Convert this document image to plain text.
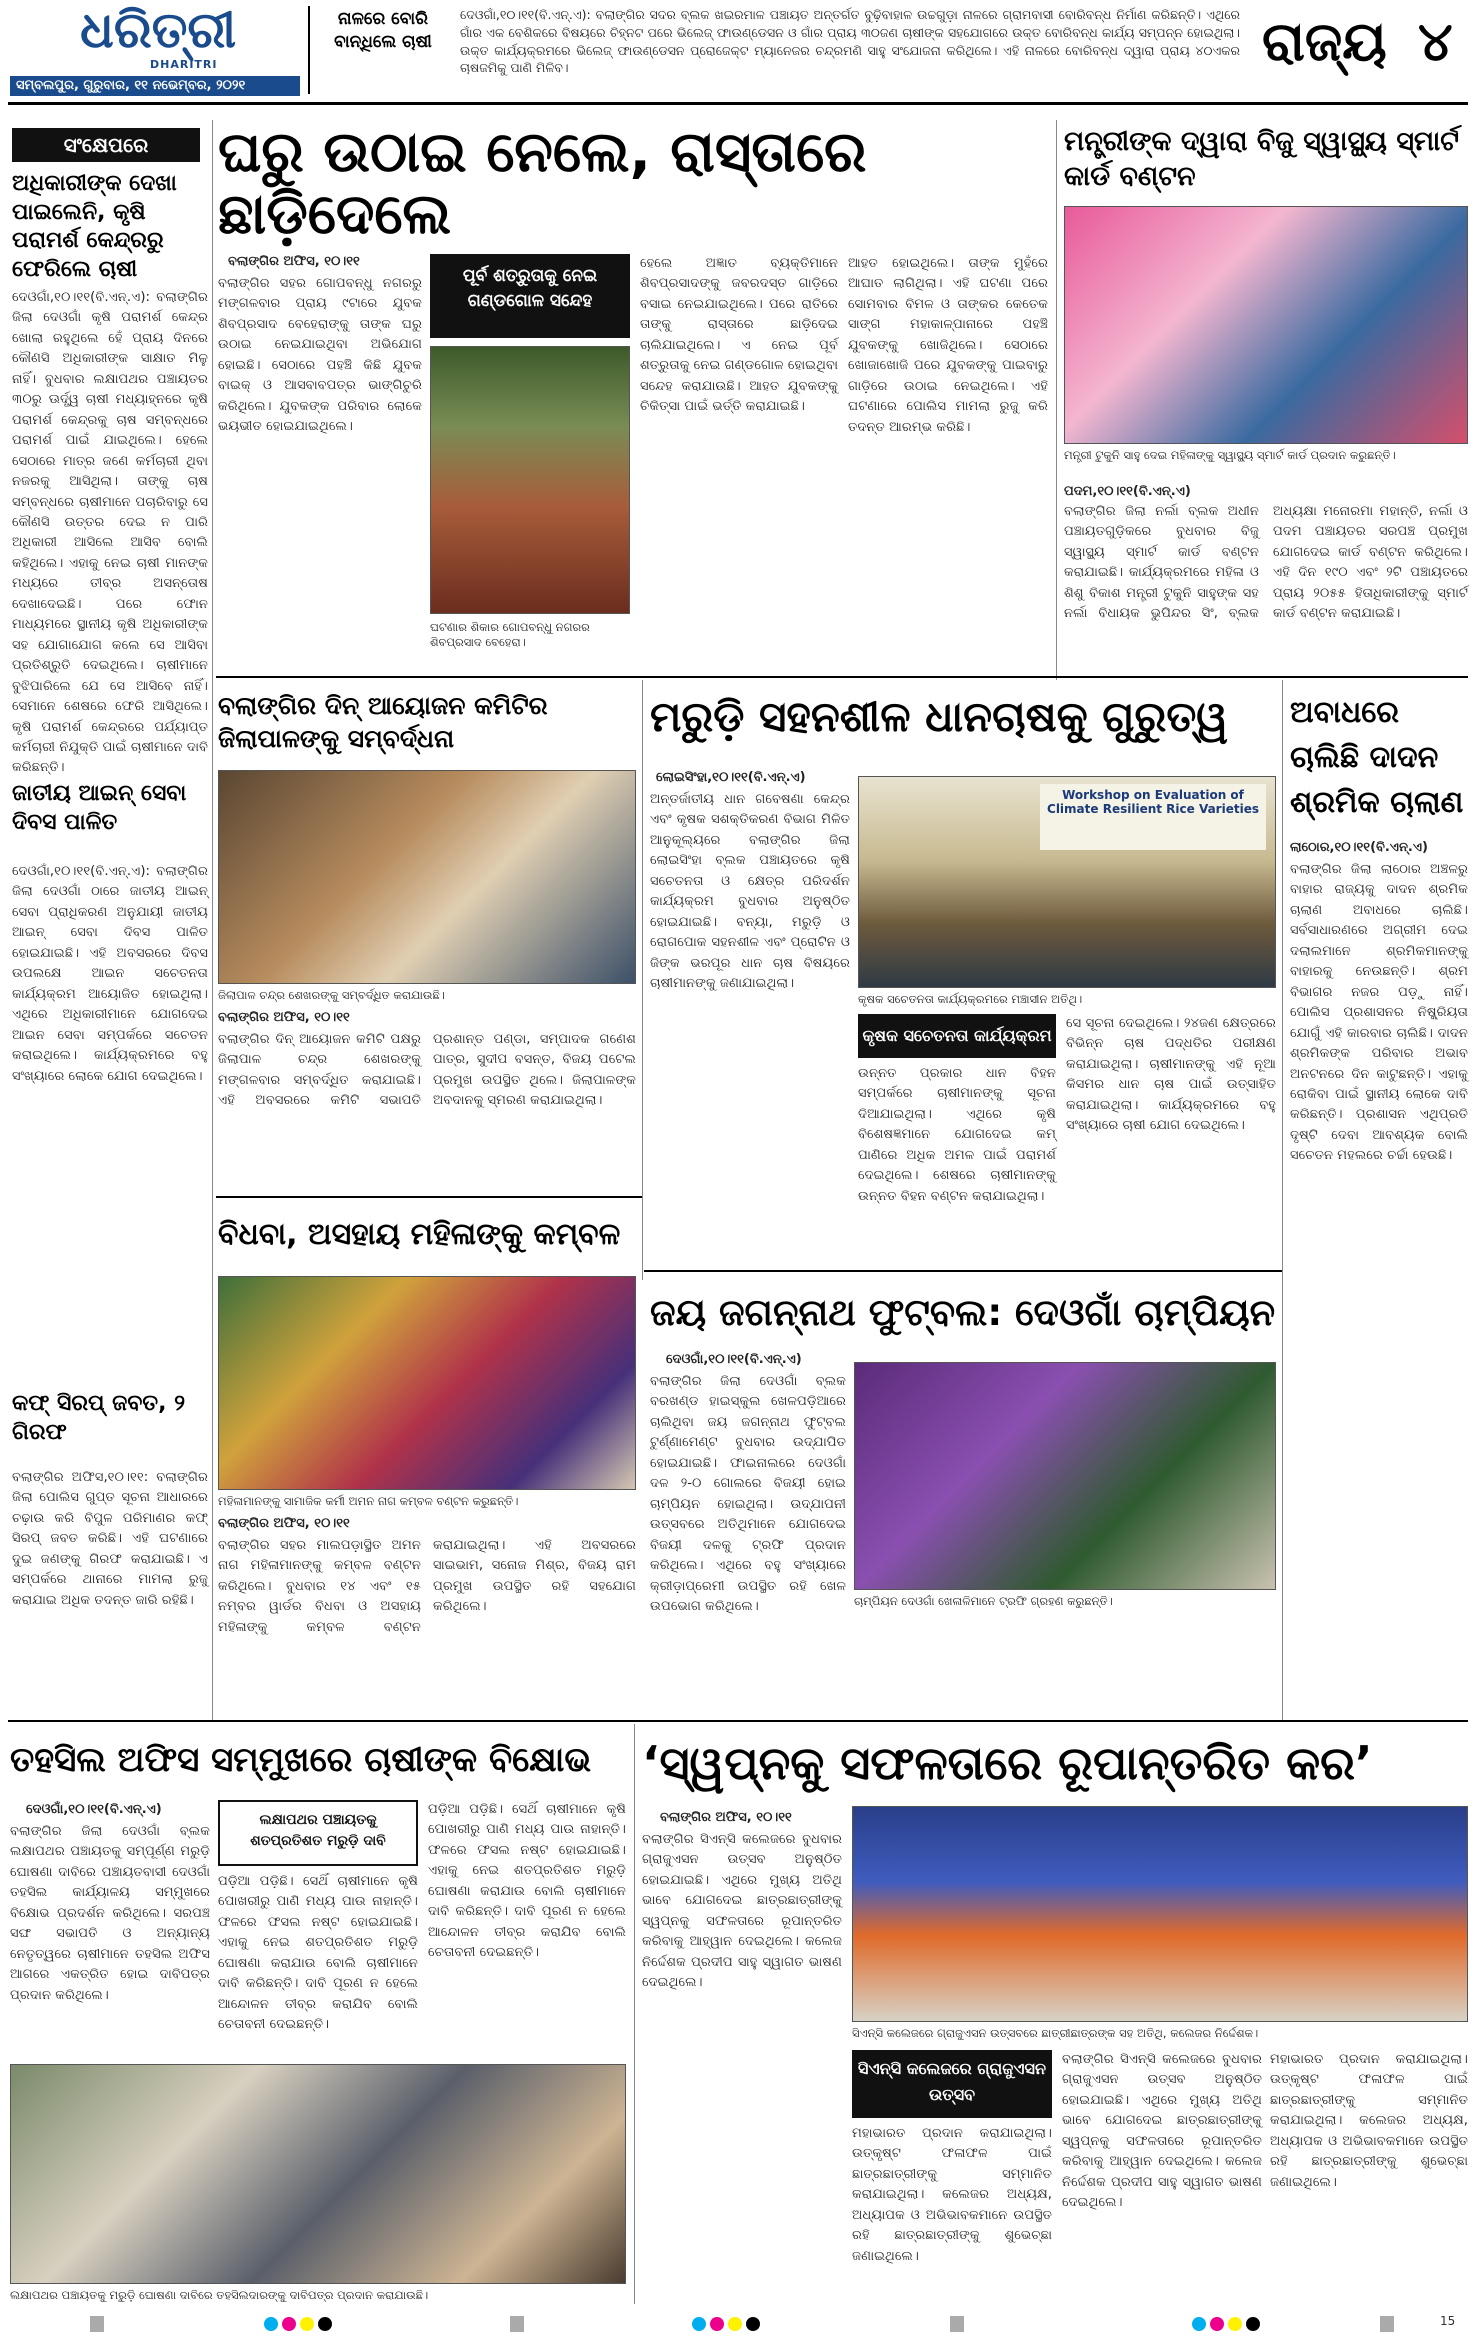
ଧରିତ୍ରୀ
DHARITRI
ସମ୍ବଲପୁର, ଗୁରୁବାର, ୧୧ ନଭେମ୍ବର, ୨୦୨୧
ନାଳରେ ବୋରି ବାନ୍ଧିଲେ ଚାଷୀ
ଦେଓଗାଁ,୧୦।୧୧(ବି.ଏନ୍.ଏ): ବଲାଙ୍ଗିର ସଦର ବ୍ଲକ ଖଇରମାଳ ପଞ୍ଚାୟତ ଅନ୍ତର୍ଗତ ବୁଢ଼ିବାହାଳ ଉଚ୍ଚଗୁଡ଼ା ନାଳରେ ଗ୍ରାମବାସୀ ବୋରିବନ୍ଧ ନିର୍ମାଣ କରିଛନ୍ତି। ଏଥିରେ ଗାଁର ଏକ ବେଶିକରେ ବିଷୟରେ ଚିହ୍ନଟ ପରେ ଭିଲେଜ୍ ଫାଉଣ୍ଡେସନ ଓ ଗାଁର ପ୍ରାୟ ୩୦ଜଣ ଚାଷୀଙ୍କ ସହଯୋଗରେ ଉକ୍ତ ବୋରିବନ୍ଧ କାର୍ଯ୍ୟ ସମ୍ପନ୍ନ ହୋଇଥିଲା। ଉକ୍ତ କାର୍ଯ୍ୟକ୍ରମରେ ଭିଲେଜ୍ ଫାଉଣ୍ଡେସନ ପ୍ରୋଜେକ୍ଟ ମ୍ୟାନେଜର ଚନ୍ଦ୍ରମଣି ସାହୁ ସଂଯୋଜନା କରିଥିଲେ। ଏହି ନାଳରେ ବୋରିବନ୍ଧ ଦ୍ୱାରା ପ୍ରାୟ ୪୦ଏକର ଚାଷଜମିକୁ ପାଣି ମିଳିବ।	ରାଜ୍ୟ ୪
ସଂକ୍ଷେପରେ
ଅଧିକାରୀଙ୍କ ଦେଖା ପାଇଲେନି, କୃଷି ପରାମର୍ଶ କେନ୍ଦ୍ରରୁ ଫେରିଲେ ଚାଷୀ
ଦେଓଗାଁ,୧୦।୧୧(ବି.ଏନ୍.ଏ): ବଲାଙ୍ଗିର ଜିଲା ଦେଓଗାଁ କୃଷି ପରାମର୍ଶ କେନ୍ଦ୍ର ଖୋଲା ରହୁଥିଲେ ହେଁ ପ୍ରାୟ ଦିନରେ କୌଣସି ଅଧିକାରୀଙ୍କ ସାକ୍ଷାତ ମିଳୁ ନାହିଁ। ବୁଧବାର ଲକ୍ଷାପଥର ପଞ୍ଚାୟତର ୩୦ରୁ ଊର୍ଦ୍ଧ୍ୱ ଚାଷୀ ମଧ୍ୟାହ୍ନରେ କୃଷି ପରାମର୍ଶ କେନ୍ଦ୍ରକୁ ଚାଷ ସମ୍ବନ୍ଧରେ ପରାମର୍ଶ ପାଇଁ ଯାଇଥିଲେ। ହେଲେ ସେଠାରେ ମାତ୍ର ଜଣେ କର୍ମଚାରୀ ଥିବା ନଜରକୁ ଆସିଥିଲା। ତାଙ୍କୁ ଚାଷ ସମ୍ବନ୍ଧରେ ଚାଷୀମାନେ ପଚାରିବାରୁ ସେ କୌଣସି ଉତ୍ତର ଦେଇ ନ ପାରି ଅଧିକାରୀ ଆସିଲେ ଆସିବ ବୋଲି କହିଥିଲେ। ଏହାକୁ ନେଇ ଚାଷୀ ମାନଙ୍କ ମଧ୍ୟରେ ତୀବ୍ର ଅସନ୍ତୋଷ ଦେଖାଦେଇଛି। ପରେ ଫୋନ ମାଧ୍ୟମରେ ସ୍ଥାନୀୟ କୃଷି ଅଧିକାରୀଙ୍କ ସହ ଯୋଗାଯୋଗ କଲେ ସେ ଆସିବା ପ୍ରତିଶ୍ରୁତି ଦେଇଥିଲେ। ଚାଷୀମାନେ ବୁଝିପାରିଲେ ଯେ ସେ ଆସିବେ ନାହିଁ। ସେମାନେ ଶେଷରେ ଫେରି ଆସିଥିଲେ। କୃଷି ପରାମର୍ଶ କେନ୍ଦ୍ରରେ ପର୍ଯ୍ୟାପ୍ତ କର୍ମଚାରୀ ନିଯୁକ୍ତି ପାଇଁ ଚାଷୀମାନେ ଦାବି କରିଛନ୍ତି।
ଜାତୀୟ ଆଇନ୍ ସେବା ଦିବସ ପାଳିତ
ଦେଓଗାଁ,୧୦।୧୧(ବି.ଏନ୍.ଏ): ବଲାଙ୍ଗିର ଜିଲା ଦେଓଗାଁ ଠାରେ ଜାତୀୟ ଆଇନ୍ ସେବା ପ୍ରାଧିକରଣ ଅନୁଯାୟୀ ଜାତୀୟ ଆଇନ୍ ସେବା ଦିବସ ପାଳିତ ହୋଇଯାଇଛି। ଏହି ଅବସରରେ ଦିବସ ଉପଲକ୍ଷେ ଆଇନ ସଚେତନତା କାର୍ଯ୍ୟକ୍ରମ ଆୟୋଜିତ ହୋଇଥିଲା। ଏଥିରେ ଅଧିକାରୀମାନେ ଯୋଗଦେଇ ଆଇନ ସେବା ସମ୍ପର୍କରେ ସଚେତନ କରାଇଥିଲେ। କାର୍ଯ୍ୟକ୍ରମରେ ବହୁ ସଂଖ୍ୟାରେ ଲୋକେ ଯୋଗ ଦେଇଥିଲେ।
କଫ୍ ସିରପ୍ ଜବତ, ୨ ଗିରଫ
ବଲାଙ୍ଗିର ଅଫିସ,୧୦।୧୧: ବଲାଙ୍ଗିର ଜିଲା ପୋଲିସ ଗୁପ୍ତ ସୂଚନା ଆଧାରରେ ଚଢ଼ାଉ କରି ବିପୁଳ ପରିମାଣର କଫ୍ ସିରପ୍ ଜବତ କରିଛି। ଏହି ଘଟଣାରେ ଦୁଇ ଜଣଙ୍କୁ ଗିରଫ କରାଯାଇଛି। ଏ ସମ୍ପର୍କରେ ଥାନାରେ ମାମଲା ରୁଜୁ କରାଯାଇ ଅଧିକ ତଦନ୍ତ ଜାରି ରହିଛି।
ଘରୁ ଉଠାଇ ନେଲେ, ରାସ୍ତାରେ ଛାଡ଼ିଦେଲେ
ବଲାଙ୍ଗିର ଅଫିସ, ୧୦।୧୧
ବଲାଙ୍ଗିର ସହର ଗୋପବନ୍ଧୁ ନଗରରୁ ମଙ୍ଗଳବାର ପ୍ରାୟ ୯ଟାରେ ଯୁବକ ଶିବପ୍ରସାଦ ବେହେରାଙ୍କୁ ତାଙ୍କ ଘରୁ ଉଠାଇ ନେଇଯାଇଥିବା ଅଭିଯୋଗ ହୋଇଛି। ସେଠାରେ ପହଞ୍ଚି କିଛି ଯୁବକ ବାଇକ୍ ଓ ଆସବାବପତ୍ର ଭାଙ୍ଗିଚୁରି କରିଥିଲେ। ଯୁବକଙ୍କ ପରିବାର ଲୋକେ ଭୟଭୀତ ହୋଇଯାଇଥିଲେ।
ପୂର୍ବ ଶତ୍ରୁତାକୁ ନେଇ ଗଣ୍ଡଗୋଳ ସନ୍ଦେହ
ଘଟଣାର ଶିକାର ଗୋପବନ୍ଧୁ ନଗରର ଶିବପ୍ରସାଦ ବେହେରା।
ହେଲେ ଅଜ୍ଞାତ ବ୍ୟକ୍ତିମାନେ ଶିବପ୍ରସାଦଙ୍କୁ ଜବରଦସ୍ତ ଗାଡ଼ିରେ ବସାଇ ନେଇଯାଇଥିଲେ। ପରେ ରାତିରେ ତାଙ୍କୁ ରାସ୍ତାରେ ଛାଡ଼ିଦେଇ ଚାଲିଯାଇଥିଲେ। ଏ ନେଇ ପୂର୍ବ ଶତ୍ରୁତାକୁ ନେଇ ଗଣ୍ଡଗୋଳ ହୋଇଥିବା ସନ୍ଦେହ କରାଯାଉଛି। ଆହତ ଯୁବକଙ୍କୁ ଚିକିତ୍ସା ପାଇଁ ଭର୍ତ୍ତି କରାଯାଇଛି।
ଆହତ ହୋଇଥିଲେ। ତାଙ୍କ ମୁହଁରେ ଆଘାତ ଲାଗିଥିଲା। ଏହି ଘଟଣା ପରେ ସୋମବାର ବିମଳ ଓ ତାଙ୍କର କେତେକ ସାଙ୍ଗ ମହାକାଳ୍ପାନାରେ ପହଞ୍ଚି ଯୁବକଙ୍କୁ ଖୋଜିଥିଲେ। ସେଠାରେ ଖୋଜାଖୋଜି ପରେ ଯୁବକଙ୍କୁ ପାଇବାରୁ ଗାଡ଼ିରେ ଉଠାଇ ନେଇଥିଲେ। ଏହି ଘଟଣାରେ ପୋଲିସ ମାମଲା ରୁଜୁ କରି ତଦନ୍ତ ଆରମ୍ଭ କରିଛି।
ମନ୍ତ୍ରୀଙ୍କ ଦ୍ୱାରା ବିଜୁ ସ୍ୱାସ୍ଥ୍ୟ ସ୍ମାର୍ଟ କାର୍ଡ ବଣ୍ଟନ
ମନ୍ତ୍ରୀ ଟୁକୁନି ସାହୁ ଦେଇ ମହିଳାଙ୍କୁ ସ୍ୱାସ୍ଥ୍ୟ ସ୍ମାର୍ଟ କାର୍ଡ ପ୍ରଦାନ କରୁଛନ୍ତି।
ପଦମ,୧୦।୧୧(ବି.ଏନ୍.ଏ)
ବଲାଙ୍ଗିର ଜିଲା ନର୍ଲା ବ୍ଲକ ଅଧୀନ ପଞ୍ଚାୟତଗୁଡ଼ିକରେ ବୁଧବାର ବିଜୁ ସ୍ୱାସ୍ଥ୍ୟ ସ୍ମାର୍ଟ କାର୍ଡ ବଣ୍ଟନ କରାଯାଇଛି। କାର୍ଯ୍ୟକ୍ରମରେ ମହିଳା ଓ ଶିଶୁ ବିକାଶ ମନ୍ତ୍ରୀ ଟୁକୁନି ସାହୁଙ୍କ ସହ ନର୍ଲା ବିଧାୟକ ଭୁପିନ୍ଦର ସିଂ, ବ୍ଲକ ଅଧ୍ୟକ୍ଷା ମନୋରମା ମହାନ୍ତି, ନର୍ଲା ଓ ପଦମ ପଞ୍ଚାୟତର ସରପଞ୍ଚ ପ୍ରମୁଖ ଯୋଗଦେଇ କାର୍ଡ ବଣ୍ଟନ କରିଥିଲେ। ଏହି ଦିନ ୧୯୦ ଏବଂ ୨ଟି ପଞ୍ଚାୟତରେ ପ୍ରାୟ ୨୦୫୫ ହିତାଧିକାରୀଙ୍କୁ ସ୍ମାର୍ଟ କାର୍ଡ ବଣ୍ଟନ କରାଯାଇଛି।
ବଲାଙ୍ଗିର ଦିନ୍ ଆୟୋଜନ କମିଟିର ଜିଲାପାଳଙ୍କୁ ସମ୍ବର୍ଦ୍ଧନା
ଜିଲାପାଳ ଚନ୍ଦ୍ର ଶେଖରଙ୍କୁ ସମ୍ବର୍ଦ୍ଧିତ କରାଯାଉଛି।
ବଲାଙ୍ଗିର ଅଫିସ, ୧୦।୧୧
ବଲାଙ୍ଗିର ଦିନ୍ ଆୟୋଜନ କମିଟି ପକ୍ଷରୁ ଜିଲାପାଳ ଚନ୍ଦ୍ର ଶେଖରଙ୍କୁ ମଙ୍ଗଳବାର ସମ୍ବର୍ଦ୍ଧିତ କରାଯାଇଛି। ଏହି ଅବସରରେ କମିଟି ସଭାପତି ପ୍ରଶାନ୍ତ ପଣ୍ଡା, ସମ୍ପାଦକ ଗଣେଶ ପାତ୍ର, ସୁଦୀପ ବସନ୍ତ, ବିଜୟ ପଟେଲ ପ୍ରମୁଖ ଉପସ୍ଥିତ ଥିଲେ। ଜିଲାପାଳଙ୍କ ଅବଦାନକୁ ସ୍ମରଣ କରାଯାଇଥିଲା।
ମରୁଡ଼ି ସହନଶୀଳ ଧାନଚାଷକୁ ଗୁରୁତ୍ୱ
ଲୋଇସିଂହା,୧୦।୧୧(ବି.ଏନ୍.ଏ)
ଅନ୍ତର୍ଜାତୀୟ ଧାନ ଗବେଷଣା କେନ୍ଦ୍ର ଏବଂ କୃଷକ ସଶକ୍ତିକରଣ ବିଭାଗ ମିଳିତ ଆନୁକୂଲ୍ୟରେ ବଲାଙ୍ଗିର ଜିଲା ଲୋଇସିଂହା ବ୍ଲକ ପଞ୍ଚାୟତରେ କୃଷି ସଚେତନତା ଓ କ୍ଷେତ୍ର ପରିଦର୍ଶନ କାର୍ଯ୍ୟକ୍ରମ ବୁଧବାର ଅନୁଷ୍ଠିତ ହୋଇଯାଇଛି। ବନ୍ୟା, ମରୁଡ଼ି ଓ ରୋଗପୋକ ସହନଶୀଳ ଏବଂ ପ୍ରୋଟିନ ଓ ଜିଙ୍କ ଭରପୂର ଧାନ ଚାଷ ବିଷୟରେ ଚାଷୀମାନଙ୍କୁ ଜଣାଯାଇଥିଲା।
Workshop on Evaluation of Climate Resilient Rice Varieties
କୃଷକ ସଚେତନତା କାର୍ଯ୍ୟକ୍ରମରେ ମଞ୍ଚାସୀନ ଅତିଥି।
କୃଷକ ସଚେତନତା କାର୍ଯ୍ୟକ୍ରମ
ଉନ୍ନତ ପ୍ରକାର ଧାନ ବିହନ ସମ୍ପର୍କରେ ଚାଷୀମାନଙ୍କୁ ସୂଚନା ଦିଆଯାଇଥିଲା। ଏଥିରେ କୃଷି ବିଶେଷଜ୍ଞମାନେ ଯୋଗଦେଇ କମ୍ ପାଣିରେ ଅଧିକ ଅମଳ ପାଇଁ ପରାମର୍ଶ ଦେଇଥିଲେ। ଶେଷରେ ଚାଷୀମାନଙ୍କୁ ଉନ୍ନତ ବିହନ ବଣ୍ଟନ କରାଯାଇଥିଲା।
ସେ ସୂଚନା ଦେଇଥିଲେ। ୨୪ଜଣ କ୍ଷେତ୍ରରେ ବିଭିନ୍ନ ଚାଷ ପଦ୍ଧତିର ପରୀକ୍ଷଣ କରାଯାଇଥିଲା। ଚାଷୀମାନଙ୍କୁ ଏହି ନୂଆ କିସମର ଧାନ ଚାଷ ପାଇଁ ଉତ୍ସାହିତ କରାଯାଇଥିଲା। କାର୍ଯ୍ୟକ୍ରମରେ ବହୁ ସଂଖ୍ୟାରେ ଚାଷୀ ଯୋଗ ଦେଇଥିଲେ।
ଅବାଧରେ ଚାଲିଛି ଦାଦନ ଶ୍ରମିକ ଚାଲାଣ
ଲାଠୋର,୧୦।୧୧(ବି.ଏନ୍.ଏ)
ବଲାଙ୍ଗିର ଜିଲା ଲାଠୋର ଅଞ୍ଚଳରୁ ବାହାର ରାଜ୍ୟକୁ ଦାଦନ ଶ୍ରମିକ ଚାଲାଣ ଅବାଧରେ ଚାଲିଛି। ସର୍ବସାଧାରଣରେ ଅଗ୍ରୀମ ଦେଇ ଦଲାଲମାନେ ଶ୍ରମିକମାନଙ୍କୁ ବାହାରକୁ ନେଉଛନ୍ତି। ଶ୍ରମ ବିଭାଗର ନଜର ପଡ଼ୁ ନାହିଁ। ପୋଲିସ ପ୍ରଶାସନର ନିଷ୍କ୍ରିୟତା ଯୋଗୁଁ ଏହି କାରବାର ଚାଲିଛି। ଦାଦନ ଶ୍ରମିକଙ୍କ ପରିବାର ଅଭାବ ଅନଟନରେ ଦିନ କାଟୁଛନ୍ତି। ଏହାକୁ ରୋକିବା ପାଇଁ ସ୍ଥାନୀୟ ଲୋକେ ଦାବି କରିଛନ୍ତି। ପ୍ରଶାସନ ଏଥିପ୍ରତି ଦୃଷ୍ଟି ଦେବା ଆବଶ୍ୟକ ବୋଲି ସଚେତନ ମହଲରେ ଚର୍ଚ୍ଚା ହେଉଛି।
ବିଧବା, ଅସହାୟ ମହିଳାଙ୍କୁ କମ୍ବଳ
ମହିଳାମାନଙ୍କୁ ସାମାଜିକ କର୍ମୀ ଅମନ ନାଗ କମ୍ବଳ ବଣ୍ଟନ କରୁଛନ୍ତି।
ବଲାଙ୍ଗିର ଅଫିସ, ୧୦।୧୧
ବଲାଙ୍ଗିର ସହର ମାଲପଡ଼ାସ୍ଥିତ ଅମନ ନାଗ ମହିଳାମାନଙ୍କୁ କମ୍ବଳ ବଣ୍ଟନ କରିଥିଲେ। ବୁଧବାର ୧୪ ଏବଂ ୧୫ ନମ୍ବର ୱାର୍ଡର ବିଧବା ଓ ଅସହାୟ ମହିଳାଙ୍କୁ କମ୍ବଳ ବଣ୍ଟନ କରାଯାଇଥିଲା। ଏହି ଅବସରରେ ସାଇଭାମ, ସନୋଜ ମିଶ୍ର, ବିଜୟ ରାମ ପ୍ରମୁଖ ଉପସ୍ଥିତ ରହି ସହଯୋଗ କରିଥିଲେ।
ଜୟ ଜଗନ୍ନାଥ ଫୁଟ୍‌ବଲ: ଦେଓଗାଁ ଚାମ୍ପିୟନ
ଦେଓଗାଁ,୧୦।୧୧(ବି.ଏନ୍.ଏ)
ବଲାଙ୍ଗିର ଜିଲା ଦେଓଗାଁ ବ୍ଲକ ବରଖଣ୍ଡ ହାଇସ୍କୁଲ ଖେଳପଡ଼ିଆରେ ଚାଲିଥିବା ଜୟ ଜଗନ୍ନାଥ ଫୁଟ୍‌ବଲ ଟୁର୍ଣ୍ଣାମେଣ୍ଟ ବୁଧବାର ଉଦ୍‌ଯାପିତ ହୋଇଯାଇଛି। ଫାଇନାଲରେ ଦେଓଗାଁ ଦଳ ୨-୦ ଗୋଲରେ ବିଜୟୀ ହୋଇ ଚାମ୍ପିୟନ ହୋଇଥିଲା। ଉଦ୍‌ଯାପନୀ ଉତ୍ସବରେ ଅତିଥିମାନେ ଯୋଗଦେଇ ବିଜୟୀ ଦଳକୁ ଟ୍ରଫି ପ୍ରଦାନ କରିଥିଲେ। ଏଥିରେ ବହୁ ସଂଖ୍ୟାରେ କ୍ରୀଡ଼ାପ୍ରେମୀ ଉପସ୍ଥିତ ରହି ଖେଳ ଉପଭୋଗ କରିଥିଲେ।	ଚାମ୍ପିୟନ ଦେଓଗାଁ ଖେଳାଳିମାନେ ଟ୍ରଫି ଗ୍ରହଣ କରୁଛନ୍ତି।
ତହସିଲ ଅଫିସ ସମ୍ମୁଖରେ ଚାଷୀଙ୍କ ବିକ୍ଷୋଭ
ଦେଓଗାଁ,୧୦।୧୧(ବି.ଏନ୍.ଏ)
ବଲାଙ୍ଗିର ଜିଲା ଦେଓଗାଁ ବ୍ଲକ ଲକ୍ଷାପଥର ପଞ୍ଚାୟତକୁ ସମ୍ପୂର୍ଣ୍ଣ ମରୁଡ଼ି ଘୋଷଣା ଦାବିରେ ପଞ୍ଚାୟତବାସୀ ଦେଓଗାଁ ତହସିଲ କାର୍ଯ୍ୟାଳୟ ସମ୍ମୁଖରେ ବିକ୍ଷୋଭ ପ୍ରଦର୍ଶନ କରିଥିଲେ। ସରପଞ୍ଚ ସଙ୍ଘ ସଭାପତି ଓ ଅନ୍ୟାନ୍ୟ ନେତୃତ୍ୱରେ ଚାଷୀମାନେ ତହସିଲ ଅଫିସ ଆଗରେ ଏକତ୍ରିତ ହୋଇ ଦାବିପତ୍ର ପ୍ରଦାନ କରିଥିଲେ।
ଲକ୍ଷାପଥର ପଞ୍ଚାୟତକୁ ଶତପ୍ରତିଶତ ମରୁଡ଼ି ଦାବି
ପଡ଼ିଆ ପଡ଼ିଛି। ସେଥିଁ ଚାଷୀମାନେ କୃଷି ପୋଖରୀରୁ ପାଣି ମଧ୍ୟ ପାଉ ନାହାନ୍ତି। ଫଳରେ ଫସଲ ନଷ୍ଟ ହୋଇଯାଇଛି। ଏହାକୁ ନେଇ ଶତପ୍ରତିଶତ ମରୁଡ଼ି ଘୋଷଣା କରାଯାଉ ବୋଲି ଚାଷୀମାନେ ଦାବି କରିଛନ୍ତି। ଦାବି ପୂରଣ ନ ହେଲେ ଆନ୍ଦୋଳନ ତୀବ୍ର କରାଯିବ ବୋଲି ଚେତାବନୀ ଦେଇଛନ୍ତି।
ପଡ଼ିଆ ପଡ଼ିଛି। ସେଥିଁ ଚାଷୀମାନେ କୃଷି ପୋଖରୀରୁ ପାଣି ମଧ୍ୟ ପାଉ ନାହାନ୍ତି। ଫଳରେ ଫସଲ ନଷ୍ଟ ହୋଇଯାଇଛି। ଏହାକୁ ନେଇ ଶତପ୍ରତିଶତ ମରୁଡ଼ି ଘୋଷଣା କରାଯାଉ ବୋଲି ଚାଷୀମାନେ ଦାବି କରିଛନ୍ତି। ଦାବି ପୂରଣ ନ ହେଲେ ଆନ୍ଦୋଳନ ତୀବ୍ର କରାଯିବ ବୋଲି ଚେତାବନୀ ଦେଇଛନ୍ତି।
ଲକ୍ଷାପଥର ପଞ୍ଚାୟତକୁ ମରୁଡ଼ି ଘୋଷଣା ଦାବିରେ ତହସିଲଦାରଙ୍କୁ ଦାବିପତ୍ର ପ୍ରଦାନ କରାଯାଉଛି।
‘ସ୍ୱପ୍ନକୁ ସଫଳତାରେ ରୂପାନ୍ତରିତ କର’
ବଲାଙ୍ଗିର ଅଫିସ, ୧୦।୧୧
ବଲାଙ୍ଗିର ସିଏନ୍‌ସି କଲେଜରେ ବୁଧବାର ଗ୍ରାଜୁଏସନ ଉତ୍ସବ ଅନୁଷ୍ଠିତ ହୋଇଯାଇଛି। ଏଥିରେ ମୁଖ୍ୟ ଅତିଥି ଭାବେ ଯୋଗଦେଇ ଛାତ୍ରଛାତ୍ରୀଙ୍କୁ ସ୍ୱପ୍ନକୁ ସଫଳତାରେ ରୂପାନ୍ତରିତ କରିବାକୁ ଆହ୍ୱାନ ଦେଇଥିଲେ। କଲେଜ ନିର୍ଦ୍ଦେଶକ ପ୍ରଦୀପ ସାହୁ ସ୍ୱାଗତ ଭାଷଣ ଦେଇଥିଲେ।
ସିଏନ୍‌ସି କଲେଜରେ ଗ୍ରାଜୁଏସନ ଉତ୍ସବରେ ଛାତ୍ରୀଛାତ୍ରଙ୍କ ସହ ଅତିଥି, କଲେଜର ନିର୍ଦ୍ଦେଶକ।
ସିଏନ୍‌ସି କଲେଜରେ ଗ୍ରାଜୁଏସନ ଉତ୍ସବ
ମହାଭାରତ ପ୍ରଦାନ କରାଯାଇଥିଲା। ଉତ୍କୃଷ୍ଟ ଫଳାଫଳ ପାଇଁ ଛାତ୍ରଛାତ୍ରୀଙ୍କୁ ସମ୍ମାନିତ କରାଯାଇଥିଲା। କଲେଜର ଅଧ୍ୟକ୍ଷ, ଅଧ୍ୟାପକ ଓ ଅଭିଭାବକମାନେ ଉପସ୍ଥିତ ରହି ଛାତ୍ରଛାତ୍ରୀଙ୍କୁ ଶୁଭେଚ୍ଛା ଜଣାଇଥିଲେ।
ବଲାଙ୍ଗିର ସିଏନ୍‌ସି କଲେଜରେ ବୁଧବାର ଗ୍ରାଜୁଏସନ ଉତ୍ସବ ଅନୁଷ୍ଠିତ ହୋଇଯାଇଛି। ଏଥିରେ ମୁଖ୍ୟ ଅତିଥି ଭାବେ ଯୋଗଦେଇ ଛାତ୍ରଛାତ୍ରୀଙ୍କୁ ସ୍ୱପ୍ନକୁ ସଫଳତାରେ ରୂପାନ୍ତରିତ କରିବାକୁ ଆହ୍ୱାନ ଦେଇଥିଲେ। କଲେଜ ନିର୍ଦ୍ଦେଶକ ପ୍ରଦୀପ ସାହୁ ସ୍ୱାଗତ ଭାଷଣ ଦେଇଥିଲେ।
ମହାଭାରତ ପ୍ରଦାନ କରାଯାଇଥିଲା। ଉତ୍କୃଷ୍ଟ ଫଳାଫଳ ପାଇଁ ଛାତ୍ରଛାତ୍ରୀଙ୍କୁ ସମ୍ମାନିତ କରାଯାଇଥିଲା। କଲେଜର ଅଧ୍ୟକ୍ଷ, ଅଧ୍ୟାପକ ଓ ଅଭିଭାବକମାନେ ଉପସ୍ଥିତ ରହି ଛାତ୍ରଛାତ୍ରୀଙ୍କୁ ଶୁଭେଚ୍ଛା ଜଣାଇଥିଲେ।
15
